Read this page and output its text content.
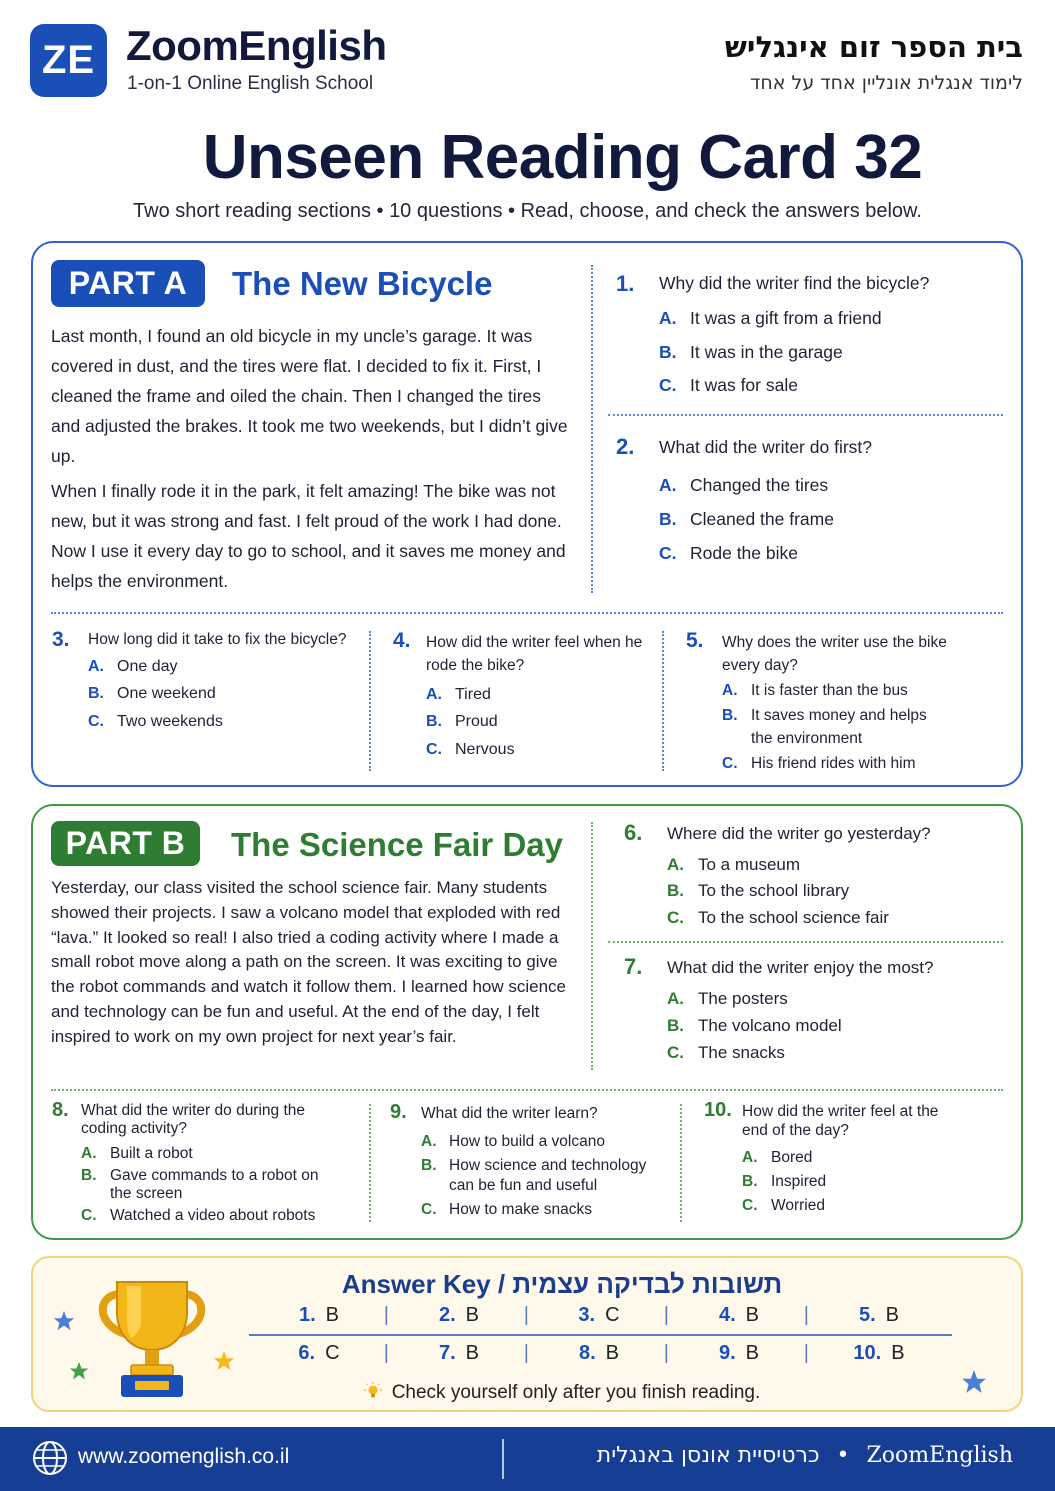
ZE ZoomEnglish
1-on-1 Online English School
בית הספר זום אינגליש
לימוד אנגלית אונליין אחד על אחד
Unseen Reading Card 32
Two short reading sections • 10 questions • Read, choose, and check the answers below.
PART A	The New Bicycle

Last month, I found an old bicycle in my uncle’s garage. It was covered in dust, and the tires were flat. I decided to fix it. First, I cleaned the frame and oiled the chain. Then I changed the tires and adjusted the brakes. It took me two weekends, but I didn’t give up.

When I finally rode it in the park, it felt amazing! The bike was not new, but it was strong and fast. I felt proud of the work I had done. Now I use it every day to go to school, and it saves me money and helps the environment.

1.	Why did the writer find the bicycle?
A. It was a gift from a friend
B. It was in the garage
C. It was for sale
2.	What did the writer do first?
A. Changed the tires
B. Cleaned the frame
C. Rode the bike
3.	How long did it take to fix the bicycle?
A. One day
B. One weekend
C. Two weekends
4. How did the writer feel when he rode the bike?
A. Tired
B. Proud
C. Nervous
5.	Why does the writer use the bike every day?
A. It is faster than the bus
B. It saves money and helps the environment
C. His friend rides with him
PART B	The Science Fair Day

Yesterday, our class visited the school science fair. Many students showed their projects. I saw a volcano model that exploded with red “lava.” It looked so real! I also tried a coding activity where I made a small robot move along a path on the screen. It was exciting to give the robot commands and watch it follow them. I learned how science and technology can be fun and useful. At the end of the day, I felt inspired to work on my own project for next year’s fair.

6.	Where did the writer go yesterday?
A. To a museum
B. To the school library
C. To the school science fair
7.	What did the writer enjoy the most?
A. The posters
B. The volcano model
C. The snacks
8. What did the writer do during the coding activity?
A. Built a robot
B. Gave commands to a robot on the screen
C. Watched a video about robots
9. What did the writer learn?
A. How to build a volcano
B. How science and technology can be fun and useful
C. How to make snacks
10. How did the writer feel at the end of the day?
A. Bored
B. Inspired
C. Worried
Answer Key / תשובות לבדיקה עצמית
1. B |	2. B |	3. C |	4. B |	5. B
6. C |	7. B |	8. B |	9. B |	10. B
Check yourself only after you finish reading.
www.zoomenglish.co.il	כרטיסיית אונסן באנגלית • ZoomEnglish
